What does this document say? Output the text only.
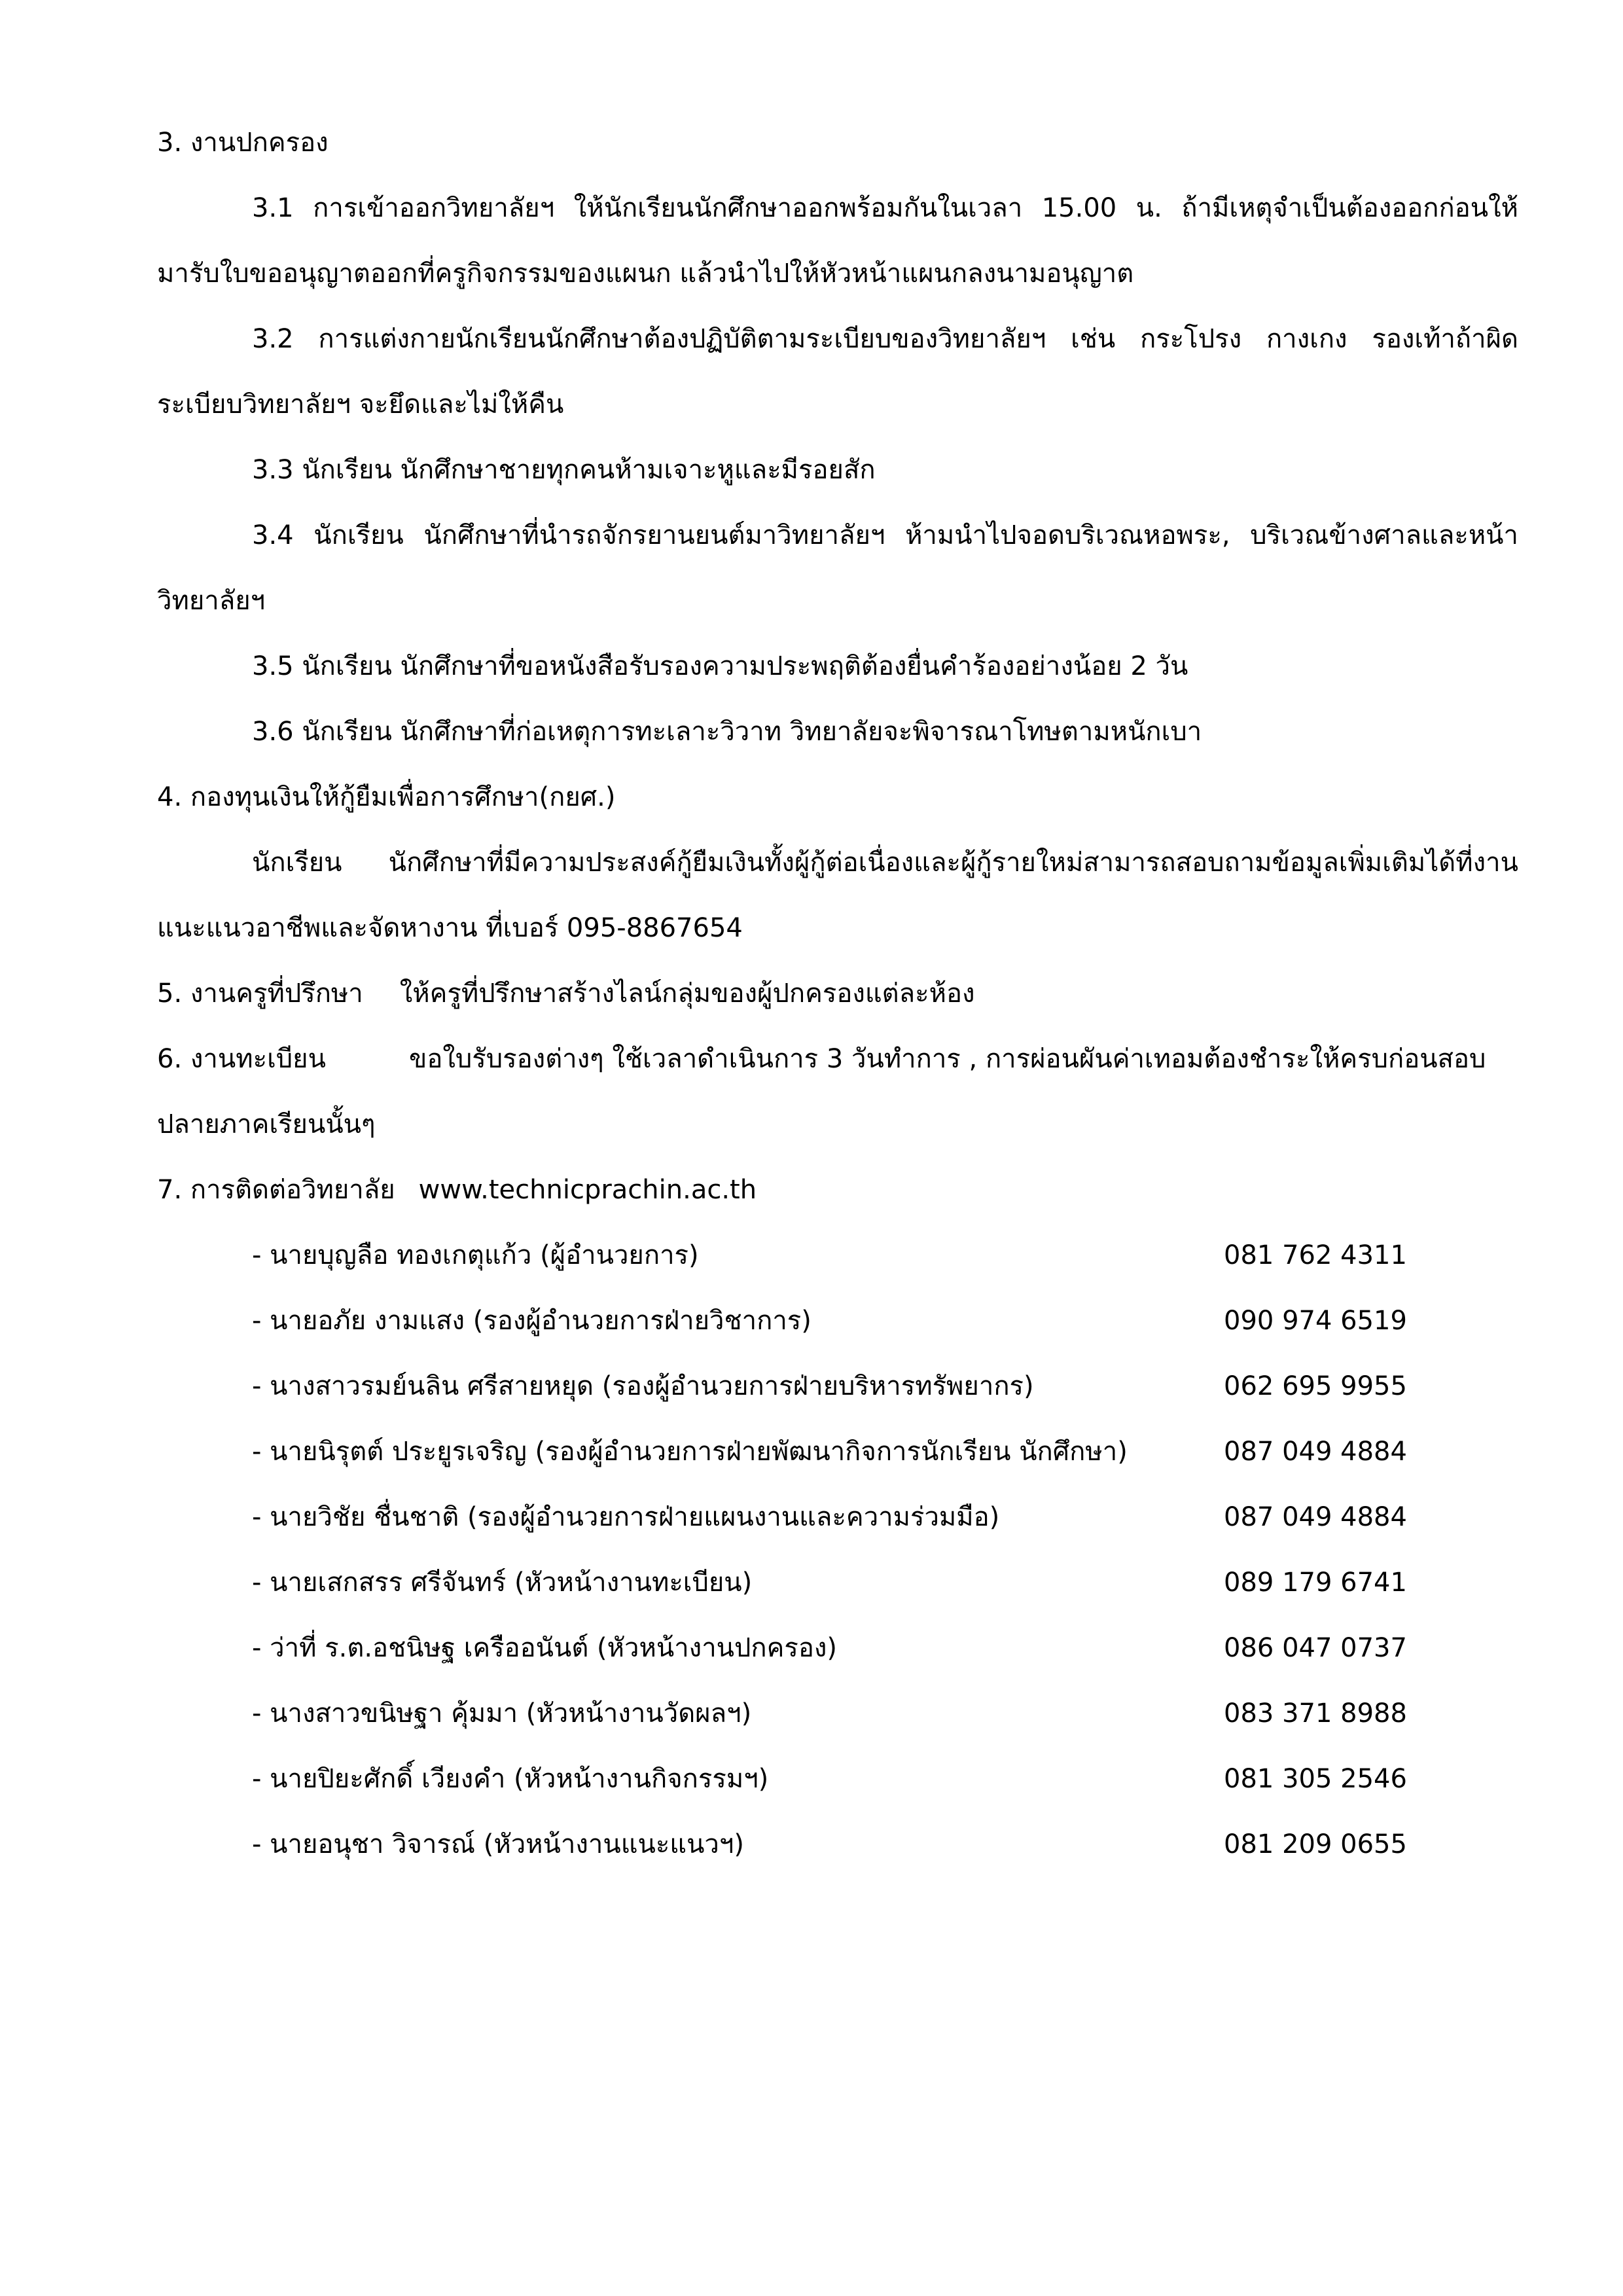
3. งานปกครอง
3.1 การเข้าออกวิทยาลัยฯ ให้นักเรียนนักศึกษาออกพร้อมกันในเวลา 15.00 น. ถ้ามีเหตุจำเป็นต้องออกก่อนให้
มารับใบขออนุญาตออกที่ครูกิจกรรมของแผนก แล้วนำไปให้หัวหน้าแผนกลงนามอนุญาต
3.2 การแต่งกายนักเรียนนักศึกษาต้องปฏิบัติตามระเบียบของวิทยาลัยฯ เช่น กระโปรง กางเกง รองเท้าถ้าผิด
ระเบียบวิทยาลัยฯ จะยึดและไม่ให้คืน
3.3 นักเรียน นักศึกษาชายทุกคนห้ามเจาะหูและมีรอยสัก
3.4 นักเรียน นักศึกษาที่นำรถจักรยานยนต์มาวิทยาลัยฯ ห้ามนำไปจอดบริเวณหอพระ, บริเวณข้างศาลและหน้า
วิทยาลัยฯ
3.5 นักเรียน นักศึกษาที่ขอหนังสือรับรองความประพฤติต้องยื่นคำร้องอย่างน้อย 2 วัน
3.6 นักเรียน นักศึกษาที่ก่อเหตุการทะเลาะวิวาท วิทยาลัยจะพิจารณาโทษตามหนักเบา
4. กองทุนเงินให้กู้ยืมเพื่อการศึกษา(กยศ.)
นักเรียน นักศึกษาที่มีความประสงค์กู้ยืมเงินทั้งผู้กู้ต่อเนื่องและผู้กู้รายใหม่สามารถสอบถามข้อมูลเพิ่มเติมได้ที่งาน
แนะแนวอาชีพและจัดหางาน ที่เบอร์ 095-8867654
5. งานครูที่ปรึกษา ให้ครูที่ปรึกษาสร้างไลน์กลุ่มของผู้ปกครองแต่ละห้อง
6. งานทะเบียน	ขอใบรับรองต่างๆ ใช้เวลาดำเนินการ 3 วันทำการ , การผ่อนผันค่าเทอมต้องชำระให้ครบก่อนสอบ
ปลายภาคเรียนนั้นๆ
7. การติดต่อวิทยาลัย www.technicprachin.ac.th
- นายบุญลือ ทองเกตุแก้ว (ผู้อำนวยการ)	081 762 4311
- นายอภัย งามแสง (รองผู้อำนวยการฝ่ายวิชาการ)	090 974 6519
- นางสาวรมย์นลิน ศรีสายหยุด (รองผู้อำนวยการฝ่ายบริหารทรัพยากร)	062 695 9955
- นายนิรุตต์ ประยูรเจริญ (รองผู้อำนวยการฝ่ายพัฒนากิจการนักเรียน นักศึกษา)	087 049 4884
- นายวิชัย ชื่นชาติ (รองผู้อำนวยการฝ่ายแผนงานและความร่วมมือ)	087 049 4884
- นายเสกสรร ศรีจันทร์ (หัวหน้างานทะเบียน)	089 179 6741
- ว่าที่ ร.ต.อชนิษฐ เครืออนันต์ (หัวหน้างานปกครอง)	086 047 0737
- นางสาวขนิษฐา คุ้มมา (หัวหน้างานวัดผลฯ)	083 371 8988
- นายปิยะศักดิ์ เวียงคำ (หัวหน้างานกิจกรรมฯ)	081 305 2546
- นายอนุชา วิจารณ์ (หัวหน้างานแนะแนวฯ)	081 209 0655
